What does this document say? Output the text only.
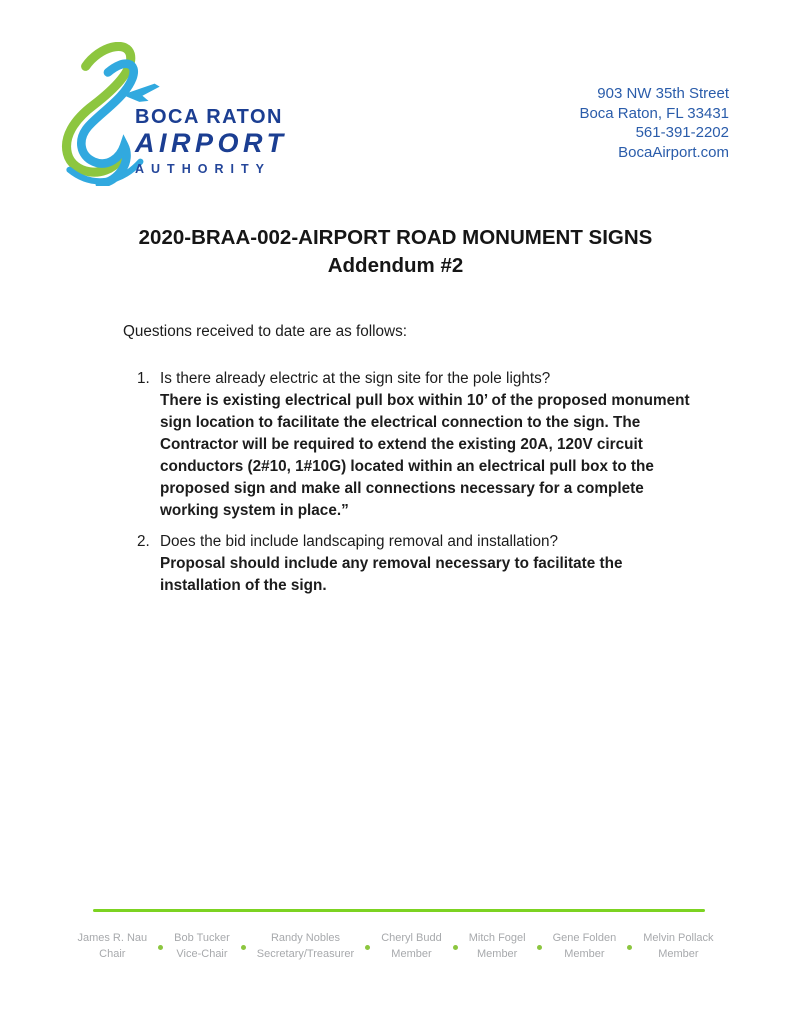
BOCA RATON
AIRPORT
AUTHORITY
903 NW 35th Street
Boca Raton, FL 33431
561-391-2202
BocaAirport.com
2020-BRAA-002-AIRPORT ROAD MONUMENT SIGNS
Addendum #2

Questions received to date are as follows:

1. Is there already electric at the sign site for the pole lights?
There is existing electrical pull box within 10’ of the proposed monument sign location to facilitate the electrical connection to the sign. The Contractor will be required to extend the existing 20A, 120V circuit conductors (2#10, 1#10G) located within an electrical pull box to the proposed sign and make all connections necessary for a complete working system in place.”
2. Does the bid include landscaping removal and installation?
Proposal should include any removal necessary to facilitate the installation of the sign.
James R. Nau
Chair
Bob Tucker
Vice-Chair
Randy Nobles
Secretary/Treasurer
Cheryl Budd
Member
Mitch Fogel
Member
Gene Folden
Member
Melvin Pollack
Member
